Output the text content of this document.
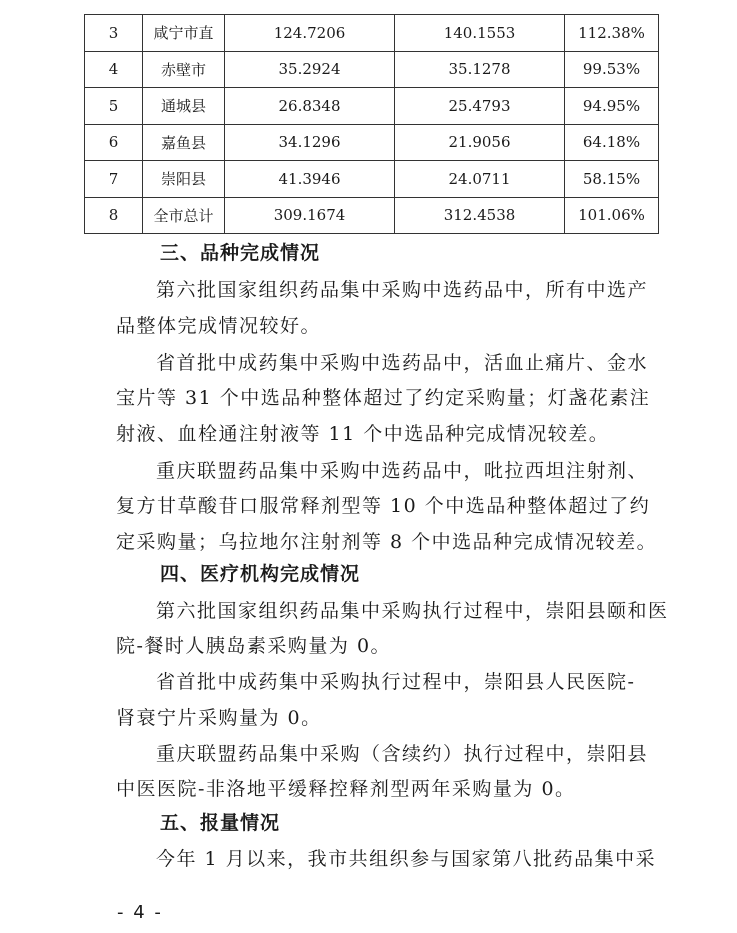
3	咸宁市直	124.7206	140.1553	112.38%
4	赤壁市	35.2924	35.1278	99.53%
5	通城县	26.8348	25.4793	94.95%
6	嘉鱼县	34.1296	21.9056	64.18%
7	崇阳县	41.3946	24.0711	58.15%
8	全市总计	309.1674	312.4538	101.06%
三、品种完成情况
第六批国家组织药品集中采购中选药品中，所有中选产
品整体完成情况较好。
省首批中成药集中采购中选药品中，活血止痛片、金水
宝片等 31 个中选品种整体超过了约定采购量；灯盏花素注
射液、血栓通注射液等 11 个中选品种完成情况较差。
重庆联盟药品集中采购中选药品中，吡拉西坦注射剂、
复方甘草酸苷口服常释剂型等 10 个中选品种整体超过了约
定采购量；乌拉地尔注射剂等 8 个中选品种完成情况较差。
四、医疗机构完成情况
第六批国家组织药品集中采购执行过程中，崇阳县颐和医
院-餐时人胰岛素采购量为 0。
省首批中成药集中采购执行过程中，崇阳县人民医院-
肾衰宁片采购量为 0。
重庆联盟药品集中采购（含续约）执行过程中，崇阳县
中医医院-非洛地平缓释控释剂型两年采购量为 0。
五、报量情况
今年 1 月以来，我市共组织参与国家第八批药品集中采
- 4 -
